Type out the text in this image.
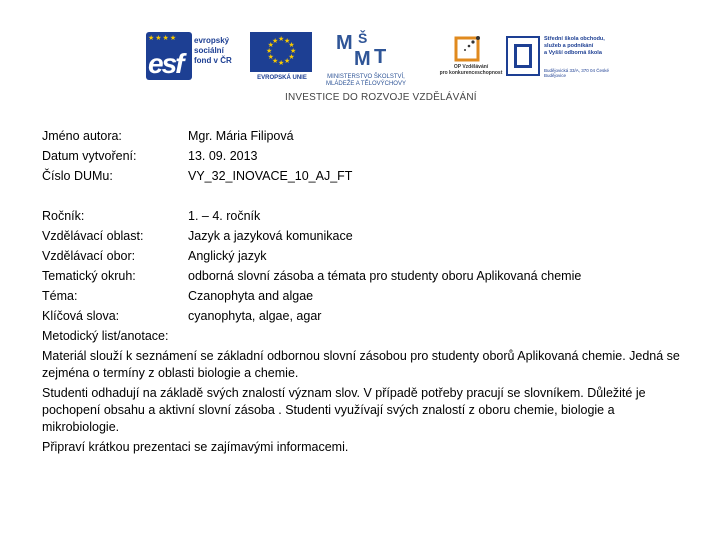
★★★★
esf
evropský
sociální
fond v ČR
★
★
★
★
★
★
★
★
★ ★ ★
★
EVROPSKÁ UNIE
M Š
M T
MINISTERSTVO ŠKOLSTVÍ,
MLÁDEŽE A TĚLOVÝCHOVY
OP Vzdělávání
pro konkurenceschopnost
Střední škola obchodu,
služeb a podnikání
a Vyšší odborná škola
Budějovická 33/A, 370 04 České Budějovice
INVESTICE DO ROZVOJE VZDĚLÁVÁNÍ
Jméno autora:	Mgr. Mária Filipová
Datum vytvoření:	13. 09. 2013
Číslo DUMu:	VY_32_INOVACE_10_AJ_FT
Ročník:	1. – 4. ročník
Vzdělávací oblast:	Jazyk a jazyková komunikace
Vzdělávací obor:	Anglický jazyk
Tematický okruh:	odborná slovní zásoba a témata pro studenty oboru Aplikovaná chemie
Téma:	Czanophyta and algae
Klíčová slova:	cyanophyta, algae, agar
Metodický list/anotace:

Materiál slouží k seznámení se základní odbornou slovní zásobou pro studenty oborů Aplikovaná chemie. Jedná se zejména o termíny z oblasti biologie a chemie.

Studenti odhadují na základě svých znalostí význam slov. V případě potřeby pracují se slovníkem. Důležité je pochopení obsahu a aktivní slovní zásoba . Studenti využívají svých znalostí z oboru chemie, biologie a mikrobiologie.

Připraví krátkou prezentaci se zajímavými informacemi.
